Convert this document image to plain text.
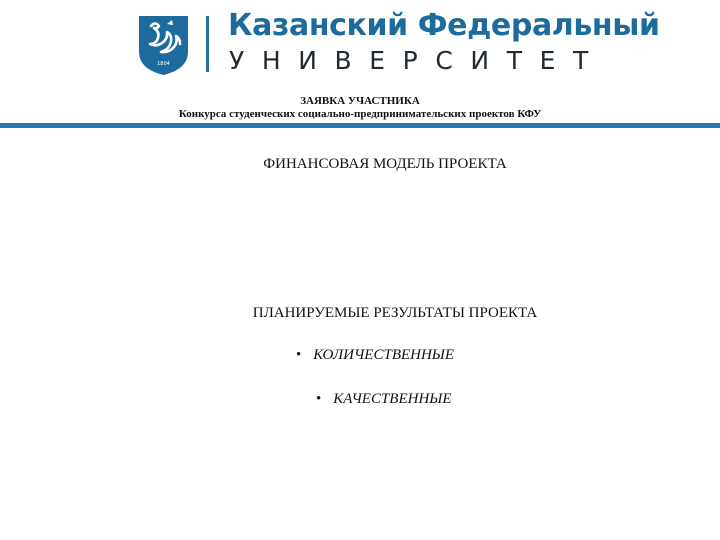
1804
Казанский Федеральный
УНИВЕРСИТЕТ
ЗАЯВКА УЧАСТНИКА
Конкурса студенческих социально-предпринимательских проектов КФУ
ФИНАНСОВАЯ МОДЕЛЬ ПРОЕКТА
ПЛАНИРУЕМЫЕ РЕЗУЛЬТАТЫ ПРОЕКТА
• КОЛИЧЕСТВЕННЫЕ
• КАЧЕСТВЕННЫЕ
